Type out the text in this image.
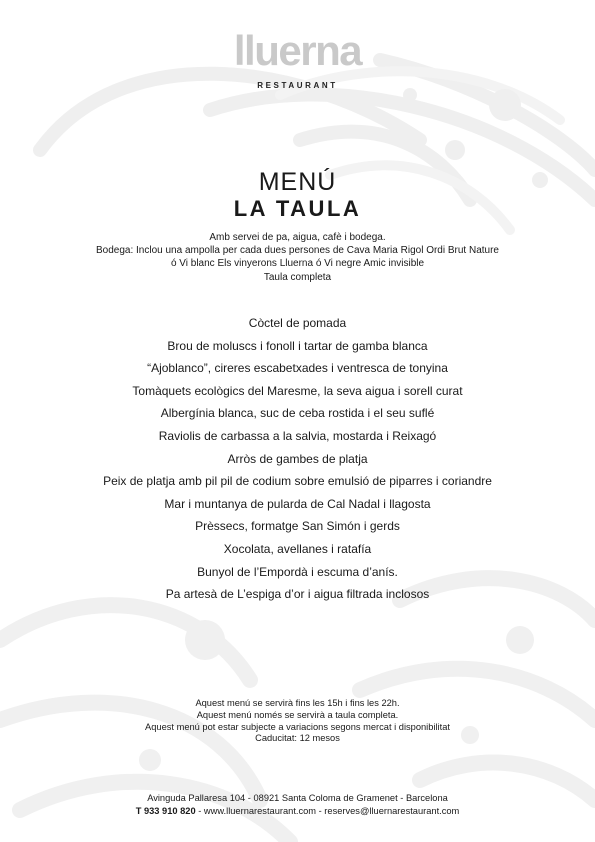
lluerna
RESTAURANT
MENÚ
LA TAULA
Amb servei de pa, aigua, cafè i bodega.
Bodega: Inclou una ampolla per cada dues persones de Cava Maria Rigol Ordi Brut Nature
ó Vi blanc Els vinyerons Lluerna ó Vi negre Amic invisible
Taula completa
Còctel de pomada
Brou de moluscs i fonoll i tartar de gamba blanca
“Ajoblanco”, cireres escabetxades i ventresca de tonyina
Tomàquets ecològics del Maresme, la seva aigua i sorell curat
Albergínia blanca, suc de ceba rostida i el seu suflé
Raviolis de carbassa a la salvia, mostarda i Reixagó
Arròs de gambes de platja
Peix de platja amb pil pil de codium sobre emulsió de piparres i coriandre
Mar i muntanya de pularda de Cal Nadal i llagosta
Prèssecs, formatge San Simón i gerds
Xocolata, avellanes i ratafía
Bunyol de l’Empordà i escuma d’anís.
Pa artesà de L’espiga d’or i aigua filtrada inclosos
Aquest menú se servirà fins les 15h i fins les 22h.
Aquest menú només se servirà a taula completa.
Aquest menú pot estar subjecte a variacions segons mercat i disponibilitat
Caducitat: 12 mesos
Avinguda Pallaresa 104 - 08921 Santa Coloma de Gramenet - Barcelona
T 933 910 820 - www.lluernarestaurant.com - reserves@lluernarestaurant.com
